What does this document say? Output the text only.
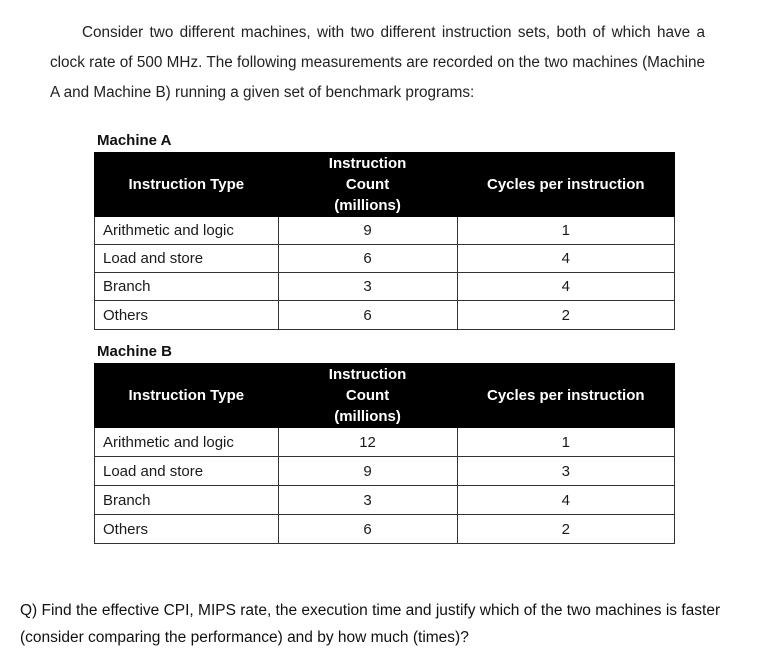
Consider two different machines, with two different instruction sets, both of which have a clock rate of 500 MHz. The following measurements are recorded on the two machines (Machine A and Machine B) running a given set of benchmark programs:

Machine A
Instruction Type	Instruction Count (millions)	Cycles per instruction
Arithmetic and logic	9	1
Load and store	6	4
Branch	3	4
Others	6	2
Machine B
Instruction Type	Instruction Count (millions)	Cycles per instruction
Arithmetic and logic	12	1
Load and store	9	3
Branch	3	4
Others	6	2

Q) Find the effective CPI, MIPS rate, the execution time and justify which of the two machines is faster (consider comparing the performance) and by how much (times)?
